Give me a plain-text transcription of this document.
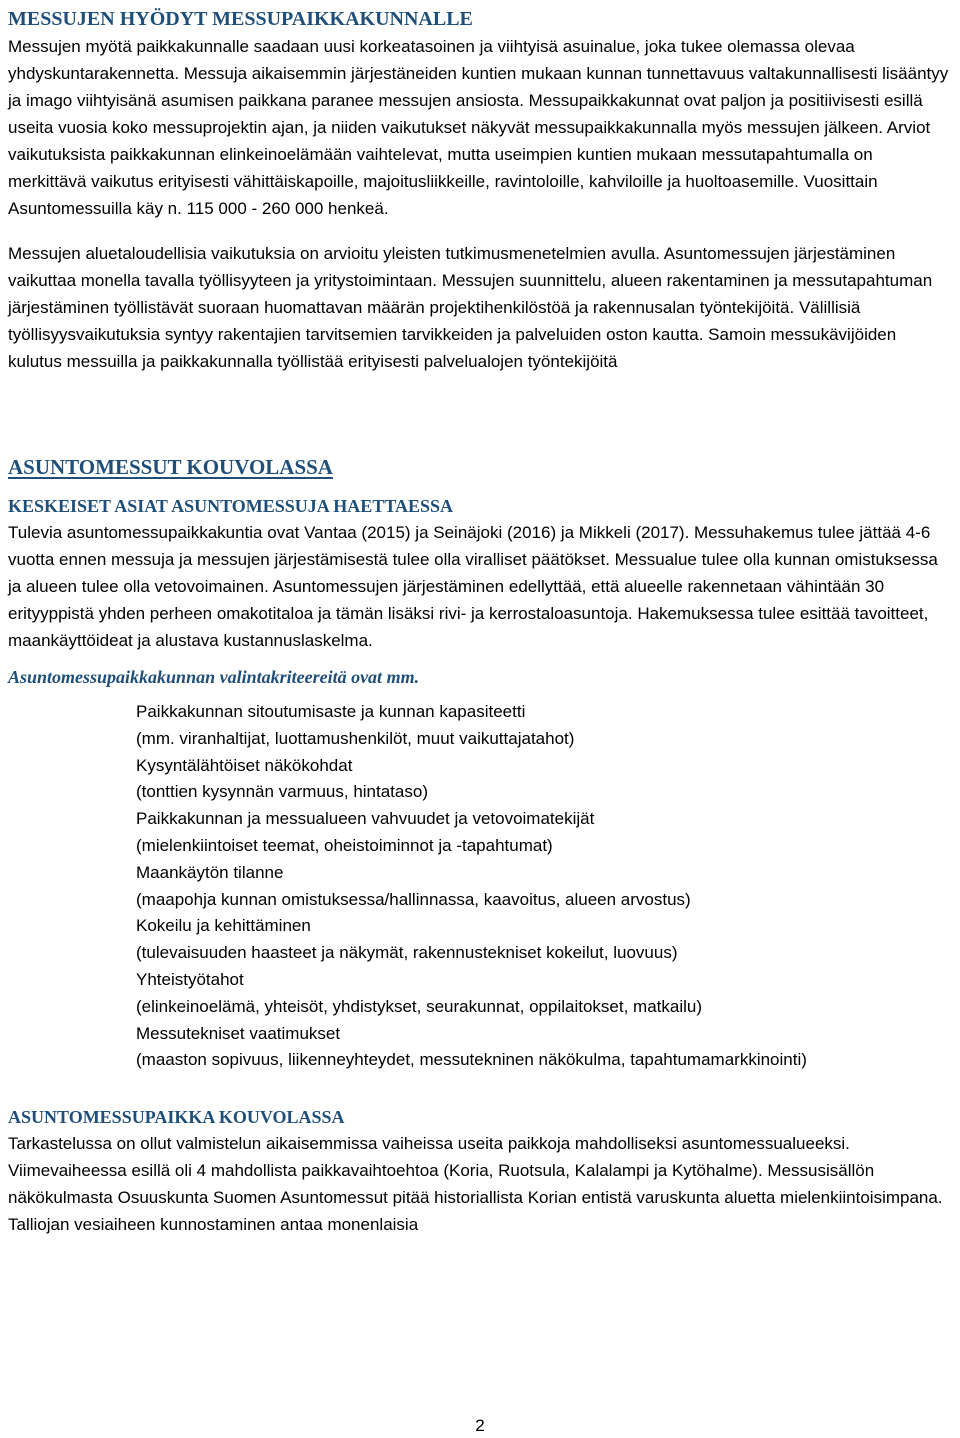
MESSUJEN HYÖDYT MESSUPAIKKAKUNNALLE

Messujen myötä paikkakunnalle saadaan uusi korkeatasoinen ja viihtyisä asuinalue, joka tukee olemassa olevaa yhdyskuntarakennetta. Messuja aikaisemmin järjestäneiden kuntien mukaan kunnan tunnettavuus valtakunnallisesti lisääntyy ja imago viihtyisänä asumisen paikkana paranee messujen ansiosta. Messupaikkakunnat ovat paljon ja positiivisesti esillä useita vuosia koko messuprojektin ajan, ja niiden vaikutukset näkyvät messupaikkakunnalla myös messujen jälkeen. Arviot vaikutuksista paikkakunnan elinkeinoelämään vaihtelevat, mutta useimpien kuntien mukaan messutapahtumalla on merkittävä vaikutus erityisesti vähittäiskapoille, majoitusliikkeille, ravintoloille, kahviloille ja huoltoasemille. Vuosittain Asuntomessuilla käy n. 115 000 - 260 000 henkeä.

Messujen aluetaloudellisia vaikutuksia on arvioitu yleisten tutkimusmenetelmien avulla. Asuntomessujen järjestäminen vaikuttaa monella tavalla työllisyyteen ja yritystoimintaan. Messujen suunnittelu, alueen rakentaminen ja messutapahtuman järjestäminen työllistävät suoraan huomattavan määrän projektihenkilöstöä ja rakennusalan työntekijöitä. Välillisiä työllisyysvaikutuksia syntyy rakentajien tarvitsemien tarvikkeiden ja palveluiden oston kautta. Samoin messukävijöiden kulutus messuilla ja paikkakunnalla työllistää erityisesti palvelualojen työntekijöitä

ASUNTOMESSUT KOUVOLASSA
KESKEISET ASIAT ASUNTOMESSUJA HAETTAESSA

Tulevia asuntomessupaikkakuntia ovat Vantaa (2015) ja Seinäjoki (2016) ja Mikkeli (2017). Messuhakemus tulee jättää 4-6 vuotta ennen messuja ja messujen järjestämisestä tulee olla viralliset päätökset. Messualue tulee olla kunnan omistuksessa ja alueen tulee olla vetovoimainen. Asuntomessujen järjestäminen edellyttää, että alueelle rakennetaan vähintään 30 erityyppistä yhden perheen omakotitaloa ja tämän lisäksi rivi- ja kerrostaloasuntoja. Hakemuksessa tulee esittää tavoitteet, maankäyttöideat ja alustava kustannuslaskelma.

Asuntomessupaikkakunnan valintakriteereitä ovat mm.
Paikkakunnan sitoutumisaste ja kunnan kapasiteetti
(mm. viranhaltijat, luottamushenkilöt, muut vaikuttajatahot)
Kysyntälähtöiset näkökohdat
(tonttien kysynnän varmuus, hintataso)
Paikkakunnan ja messualueen vahvuudet ja vetovoimatekijät
(mielenkiintoiset teemat, oheistoiminnot ja -tapahtumat)
Maankäytön tilanne
(maapohja kunnan omistuksessa/hallinnassa, kaavoitus, alueen arvostus)
Kokeilu ja kehittäminen
(tulevaisuuden haasteet ja näkymät, rakennustekniset kokeilut, luovuus)
Yhteistyötahot
(elinkeinoelämä, yhteisöt, yhdistykset, seurakunnat, oppilaitokset, matkailu)
Messutekniset vaatimukset
(maaston sopivuus, liikenneyhteydet, messutekninen näkökulma, tapahtumamarkkinointi)
ASUNTOMESSUPAIKKA KOUVOLASSA

Tarkastelussa on ollut valmistelun aikaisemmissa vaiheissa useita paikkoja mahdolliseksi asuntomessualueeksi. Viimevaiheessa esillä oli 4 mahdollista paikkavaihtoehtoa (Koria, Ruotsula, Kalalampi ja Kytöhalme). Messusisällön näkökulmasta Osuuskunta Suomen Asuntomessut pitää historiallista Korian entistä varuskunta aluetta mielenkiintoisimpana. Talliojan vesiaiheen kunnostaminen antaa monenlaisia

2
